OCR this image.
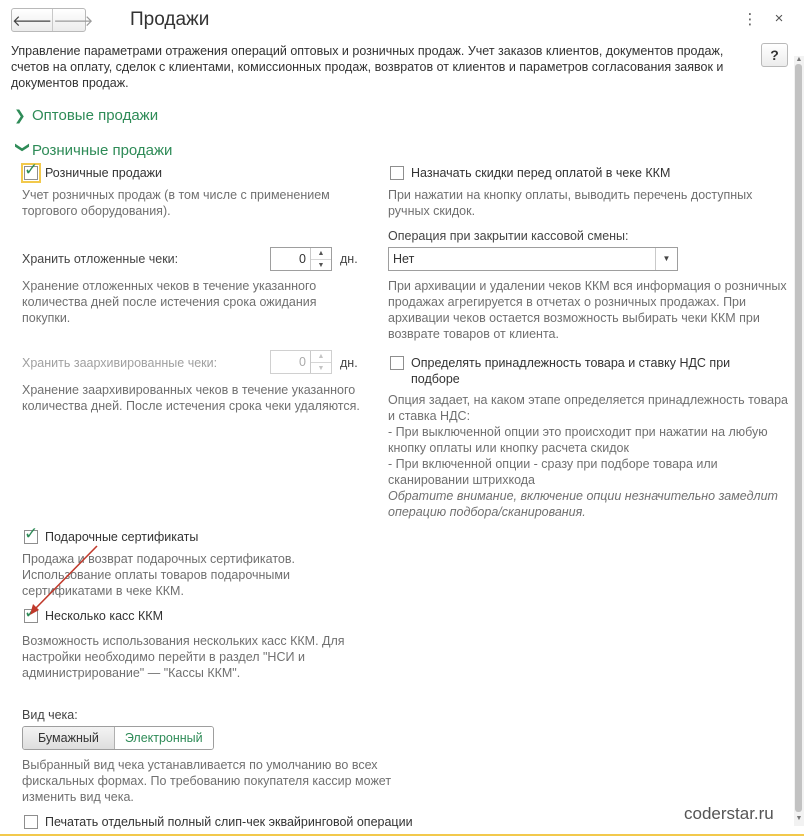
🡐 🡒 Продажи	⋮ ×
?
Управление параметрами отражения операций оптовых и розничных продаж. Учет заказов клиентов, документов продаж, счетов на оплату, сделок с клиентами, комиссионных продаж, возвратов от клиентов и параметров согласования заявок и документов продаж.
❯ Оптовые продажи
❯ Розничные продажи
✓
Розничные продажи
Учет розничных продаж (в том числе с применением торгового оборудования).
Хранить отложенные чеки:	0	▲
▼	дн.
Хранение отложенных чеков в течение указанного количества дней после истечения срока ожидания покупки.
Хранить заархивированные чеки:	0	▲
▼	дн.
Хранение заархивированных чеков в течение указанного количества дней. После истечения срока чеки удаляются.
✓
Подарочные сертификаты
Продажа и возврат подарочных сертификатов. Использование оплаты товаров подарочными сертификатами в чеке ККМ.
✓
Несколько касс ККМ
Возможность использования нескольких касс ККМ. Для настройки необходимо перейти в раздел "НСИ и администрирование" — "Кассы ККМ".
Вид чека:
Бумажный	Электронный
Выбранный вид чека устанавливается по умолчанию во всех фискальных формах. По требованию покупателя кассир может изменить вид чека.
Печатать отдельный полный слип-чек эквайринговой операции
Назначать скидки перед оплатой в чеке ККМ
При нажатии на кнопку оплаты, выводить перечень доступных ручных скидок.
Операция при закрытии кассовой смены:
Нет	▼
При архивации и удалении чеков ККМ вся информация о розничных продажах агрегируется в отчетах о розничных продажах. При архивации чеков остается возможность выбирать чеки ККМ при возврате товаров от клиента.
Определять принадлежность товара и ставку НДС при подборе
Опция задает, на каком этапе определяется принадлежность товара и ставка НДС:
- При выключенной опции это происходит при нажатии на любую кнопку оплаты или кнопку расчета скидок
- При включенной опции - сразу при подборе товара или сканировании штрихкода
Обратите внимание, включение опции незначительно замедлит операцию подбора/сканирования.
▲
▼
coderstar.ru
